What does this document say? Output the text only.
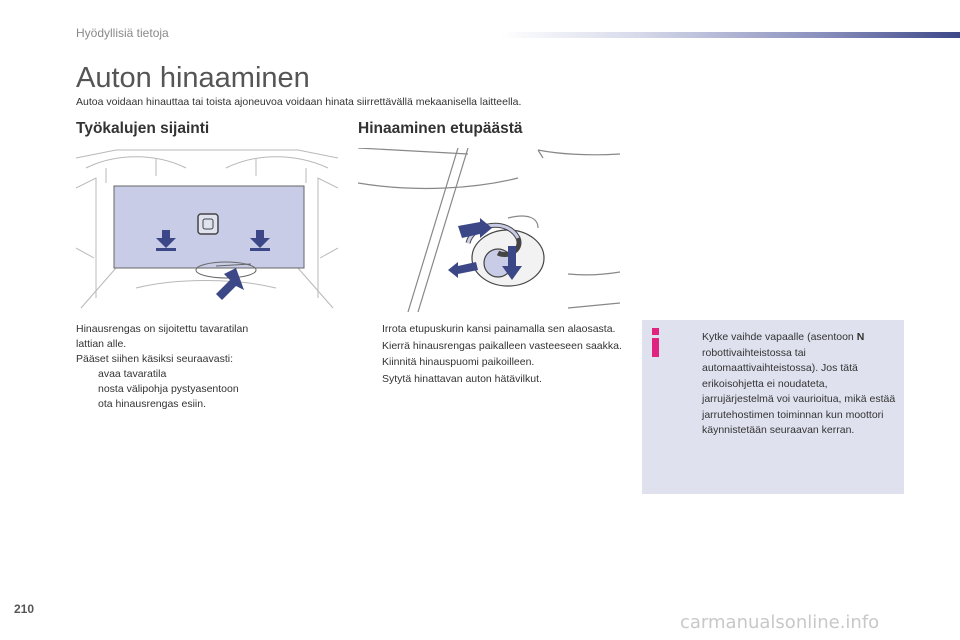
Hyödyllisiä tietoja
Auton hinaaminen
Autoa voidaan hinauttaa tai toista ajoneuvoa voidaan hinata siirrettävällä mekaanisella laitteella.
Työkalujen sijainti	Hinaaminen etupäästä

Hinausrengas on sijoitettu tavaratilan

lattian alle.

Pääset siihen käsiksi seuraavasti:

avaa tavaratila
nosta välipohja pystyasentoon
ota hinausrengas esiin.
Irrota etupuskurin kansi painamalla sen alaosasta.
Kierrä hinausrengas paikalleen vasteeseen saakka.
Kiinnitä hinauspuomi paikoilleen.
Sytytä hinattavan auton hätävilkut.
Kytke vaihde vapaalle (asentoon N
robottivaihteistossa tai automaattivaihteistossa). Jos tätä erikoisohjetta ei noudateta, jarrujärjestelmä voi vaurioitua, mikä estää jarrutehostimen toiminnan kun moottori käynnistetään seuraavan kerran.
210
carmanualsonline.info
